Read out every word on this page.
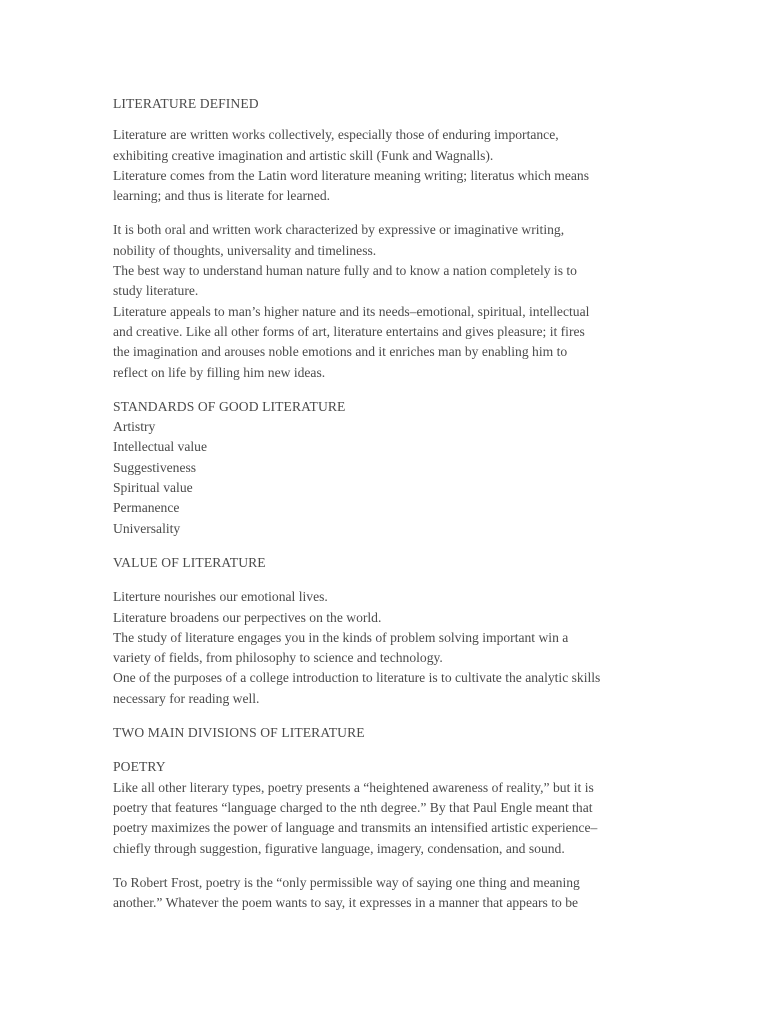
LITERATURE DEFINED

Literature are written works collectively, especially those of enduring importance,

exhibiting creative imagination and artistic skill (Funk and Wagnalls).

Literature comes from the Latin word literature meaning writing; literatus which means

learning; and thus is literate for learned.

It is both oral and written work characterized by expressive or imaginative writing,

nobility of thoughts, universality and timeliness.

The best way to understand human nature fully and to know a nation completely is to

study literature.

Literature appeals to man’s higher nature and its needs–emotional, spiritual, intellectual

and creative. Like all other forms of art, literature entertains and gives pleasure; it fires

the imagination and arouses noble emotions and it enriches man by enabling him to

reflect on life by filling him new ideas.

STANDARDS OF GOOD LITERATURE

Artistry

Intellectual value

Suggestiveness

Spiritual value

Permanence

Universality

VALUE OF LITERATURE

Literture nourishes our emotional lives.

Literature broadens our perpectives on the world.

The study of literature engages you in the kinds of problem solving important win a

variety of fields, from philosophy to science and technology.

One of the purposes of a college introduction to literature is to cultivate the analytic skills

necessary for reading well.

TWO MAIN DIVISIONS OF LITERATURE

POETRY

Like all other literary types, poetry presents a “heightened awareness of reality,” but it is

poetry that features “language charged to the nth degree.” By that Paul Engle meant that

poetry maximizes the power of language and transmits an intensified artistic experience–

chiefly through suggestion, figurative language, imagery, condensation, and sound.

To Robert Frost, poetry is the “only permissible way of saying one thing and meaning

another.” Whatever the poem wants to say, it expresses in a manner that appears to be
